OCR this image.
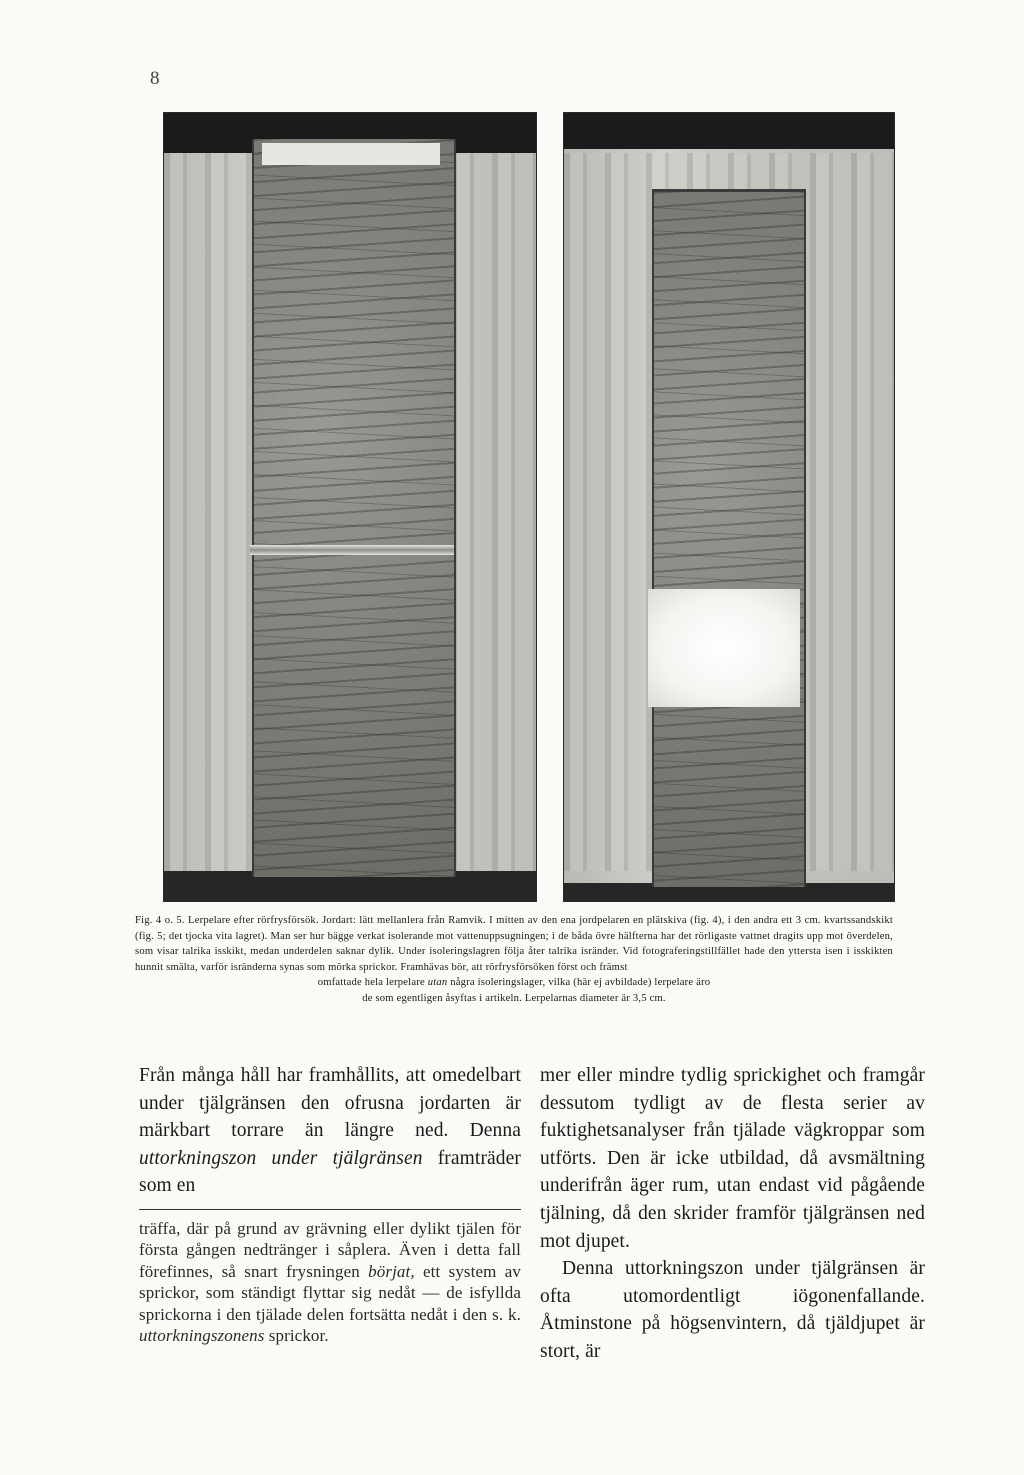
8

Fig. 4 o. 5. Lerpelare efter rörfrysförsök. Jordart: lätt mellanlera från Ramvik. I mitten av den ena jordpelaren en plätskiva (fig. 4), i den andra ett 3 cm. kvartssandskikt (fig. 5; det tjocka vita lagret). Man ser hur bägge verkat isolerande mot vattenuppsugningen; i de båda övre hälfterna har det rörligaste vattnet dragits upp mot överdelen, som visar talrika isskikt, medan underdelen saknar dylik. Under isoleringslagren följa åter talrika isränder. Vid fotograferingstillfället hade den yttersta isen i isskikten hunnit smälta, varför isränderna synas som mörka sprickor. Framhävas bör, att rörfrysförsöken först och främst

omfattade hela lerpelare utan några isoleringslager, vilka (här ej avbildade) lerpelare äro
de som egentligen åsyftas i artikeln. Lerpelarnas diameter är 3,5 cm.

Från många håll har framhållits, att omedelbart under tjälgränsen den ofrusna jordarten är märkbart torrare än längre ned. Denna uttorkningszon under tjälgränsen framträder som en

träffa, där på grund av grävning eller dylikt tjälen för första gången nedtränger i såplera. Även i detta fall förefinnes, så snart frysningen börjat, ett system av sprickor, som ständigt flyttar sig nedåt — de isfyllda sprickorna i den tjälade delen fortsätta nedåt i den s. k. uttorkningszonens sprickor.

mer eller mindre tydlig sprickighet och framgår dessutom tydligt av de flesta serier av fuktighetsanalyser från tjälade vägkroppar som utförts. Den är icke utbildad, då avsmältning underifrån äger rum, utan endast vid pågående tjälning, då den skrider framför tjälgränsen ned mot djupet.

Denna uttorkningszon under tjälgränsen är ofta utomordentligt iögonenfallande. Åtminstone på högsenvintern, då tjäldjupet är stort, är
